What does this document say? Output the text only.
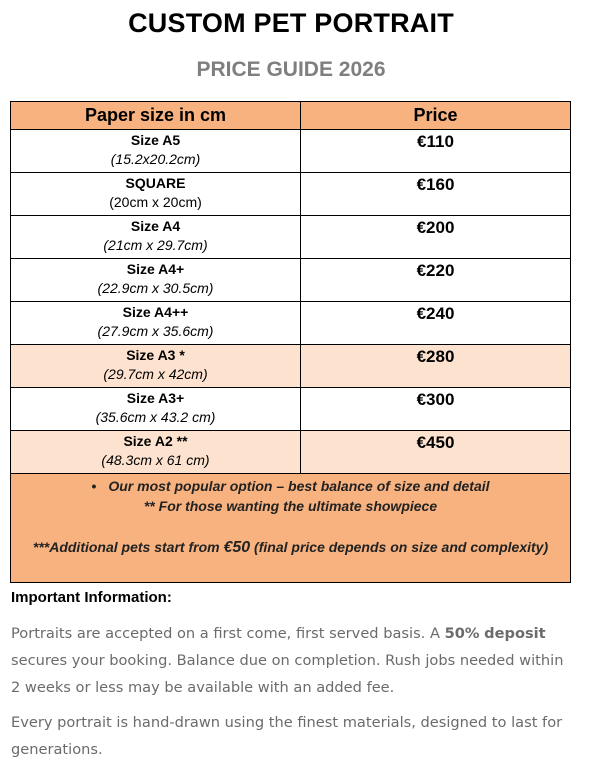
CUSTOM PET PORTRAIT
PRICE GUIDE 2026
Paper size in cm	Price

Size A5
(15.2x20.2cm)	€110

SQUARE
(20cm x 20cm)	€160

Size A4
(21cm x 29.7cm)	€200

Size A4+
(22.9cm x 30.5cm)	€220

Size A4++
(27.9cm x 35.6cm)	€240

Size A3 *
(29.7cm x 42cm)	€280

Size A3+
(35.6cm x 43.2 cm)	€300

Size A2 **
(48.3cm x 61 cm)	€450

• Our most popular option – best balance of size and detail
** For those wanting the ultimate showpiece
***Additional pets start from €50 (final price depends on size and complexity)	
Important Information:
Portraits are accepted on a first come, first served basis. A 50% deposit secures your booking. Balance due on completion. Rush jobs needed within 2 weeks or less may be available with an added fee.
Every portrait is hand-drawn using the finest materials, designed to last for generations.
